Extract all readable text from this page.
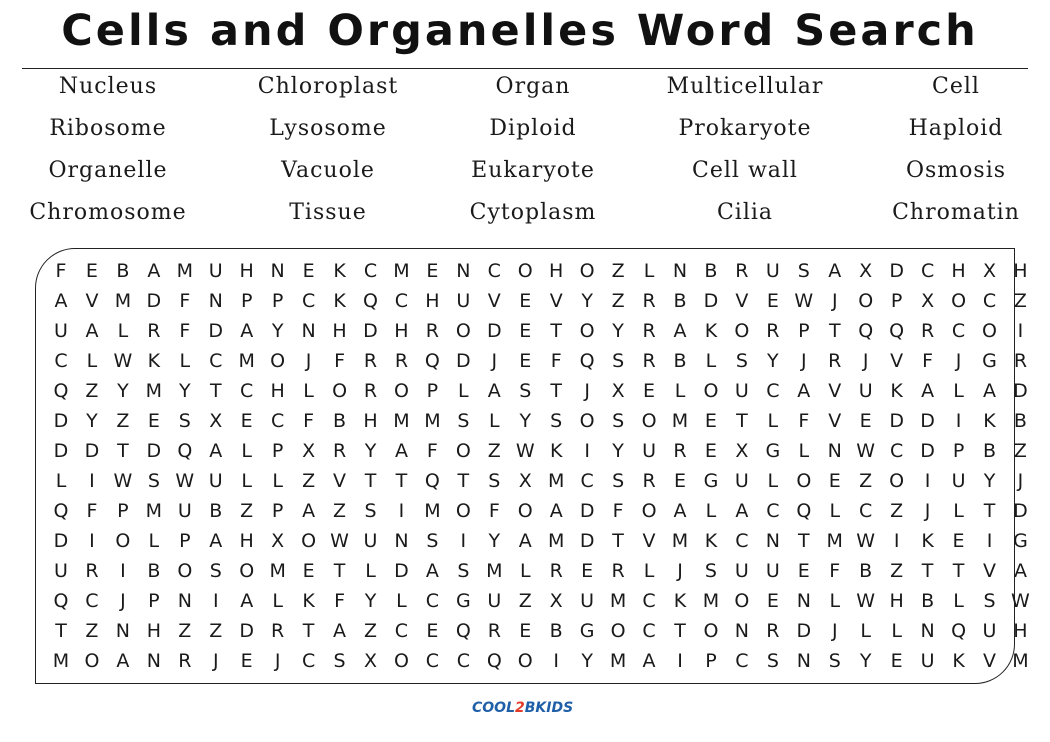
Cells and Organelles Word Search
Nucleus	Chloroplast	Organ	Multicellular	Cell
Ribosome	Lysosome	Diploid	Prokaryote	Haploid
Organelle	Vacuole	Eukaryote	Cell wall	Osmosis
Chromosome	Tissue	Cytoplasm	Cilia	Chromatin
F	E B A M U H N E K C M E N C O H O Z	L N B R U S A X D C H X H
A V M D F N P	P C K Q C H U V E V Y Z R B D V E W J	O P X O C Z
U A	L	R F D A Y N H D H R O D E	T O Y R A K O R P	T Q Q R C O	I
C	L W K	L	C M O	J	F R R Q D	J	E	F Q S R B	L	S	Y	J	R	J	V F	J	G R
Q Z Y M Y	T C H L O R O P	L	A S	T	J	X E	L O U C A V U K A	L	A D
D Y Z E S X E C F B H M M S	L	Y	S O S O M E	T	L	F V E D D	I	K B
D D T D Q A	L	P X R Y A F O Z W K	I	Y U R E X G L N W C D P B Z
L	I W S W U L	L	Z V T	T Q T	S X M C S R E G U L O E Z O	I	U Y	J
Q F	P M U B Z P A Z S	I	M O F O A D F O A	L	A C Q L	C Z	J	L	T D
D	I	O L	P A H X O W U N S	I	Y A M D T V M K C N T M W I	K E	I	G
U R	I	B O S O M E	T	L D A S M L	R E R	L	J	S U U E	F B Z T	T V A
Q C	J	P N	I	A	L	K	F	Y	L	C G U Z X U M C K M O E N L W H B	L	S W
T Z N H Z Z D R T A Z C E Q R E B G O C T O N R D	J	L	L N Q U H
M O A N R	J	E	J	C S X O C C Q O	I	Y M A	I	P C S N S	Y	E U K V M
COOL2BKIDS
